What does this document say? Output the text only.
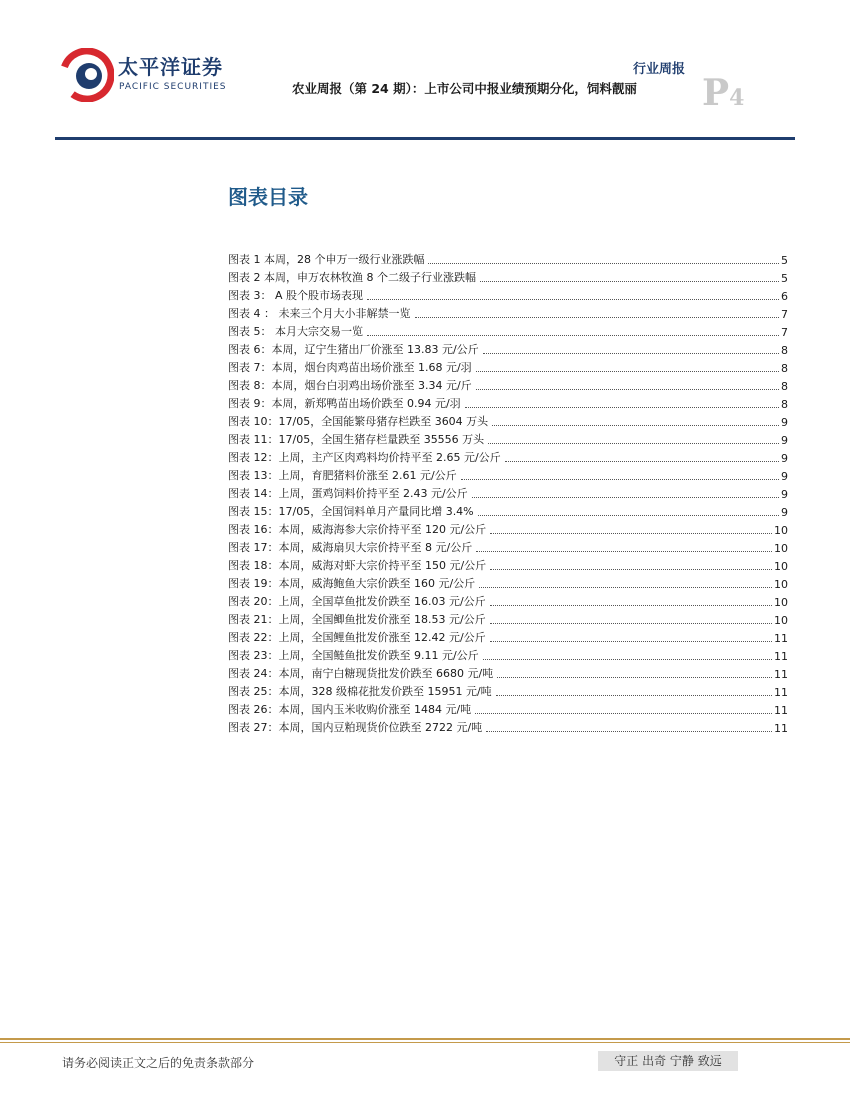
太平洋证券
PACIFIC SECURITIES
行业周报
农业周报（第 24 期）：上市公司中报业绩预期分化，饲料靓丽 P4
图表目录
图表 1 本周，28 个申万一级行业涨跌幅	5
图表 2 本周，申万农林牧渔 8 个二级子行业涨跌幅	5
图表 3： A 股个股市场表现	6
图表 4 ： 未来三个月大小非解禁一览	7
图表 5： 本月大宗交易一览	7
图表 6：本周，辽宁生猪出厂价涨至 13.83 元/公斤	8
图表 7：本周，烟台肉鸡苗出场价涨至 1.68 元/羽	8
图表 8：本周，烟台白羽鸡出场价涨至 3.34 元/斤	8
图表 9：本周，新郑鸭苗出场价跌至 0.94 元/羽	8
图表 10：17/05，全国能繁母猪存栏跌至 3604 万头	9
图表 11：17/05，全国生猪存栏量跌至 35556 万头	9
图表 12：上周，主产区肉鸡料均价持平至 2.65 元/公斤	9
图表 13：上周，育肥猪料价涨至 2.61 元/公斤	9
图表 14：上周，蛋鸡饲料价持平至 2.43 元/公斤	9
图表 15：17/05，全国饲料单月产量同比增 3.4%	9
图表 16：本周，威海海参大宗价持平至 120 元/公斤	10
图表 17：本周，威海扇贝大宗价持平至 8 元/公斤	10
图表 18：本周，威海对虾大宗价持平至 150 元/公斤	10
图表 19：本周，威海鲍鱼大宗价跌至 160 元/公斤	10
图表 20：上周，全国草鱼批发价跌至 16.03 元/公斤	10
图表 21：上周，全国鲫鱼批发价涨至 18.53 元/公斤	10
图表 22：上周，全国鲤鱼批发价涨至 12.42 元/公斤	11
图表 23：上周，全国鲢鱼批发价跌至 9.11 元/公斤	11
图表 24：本周，南宁白糖现货批发价跌至 6680 元/吨	11
图表 25：本周，328 级棉花批发价跌至 15951 元/吨	11
图表 26：本周，国内玉米收购价涨至 1484 元/吨	11
图表 27：本周，国内豆粕现货价位跌至 2722 元/吨	11
请务必阅读正文之后的免责条款部分	守正 出奇 宁静 致远
